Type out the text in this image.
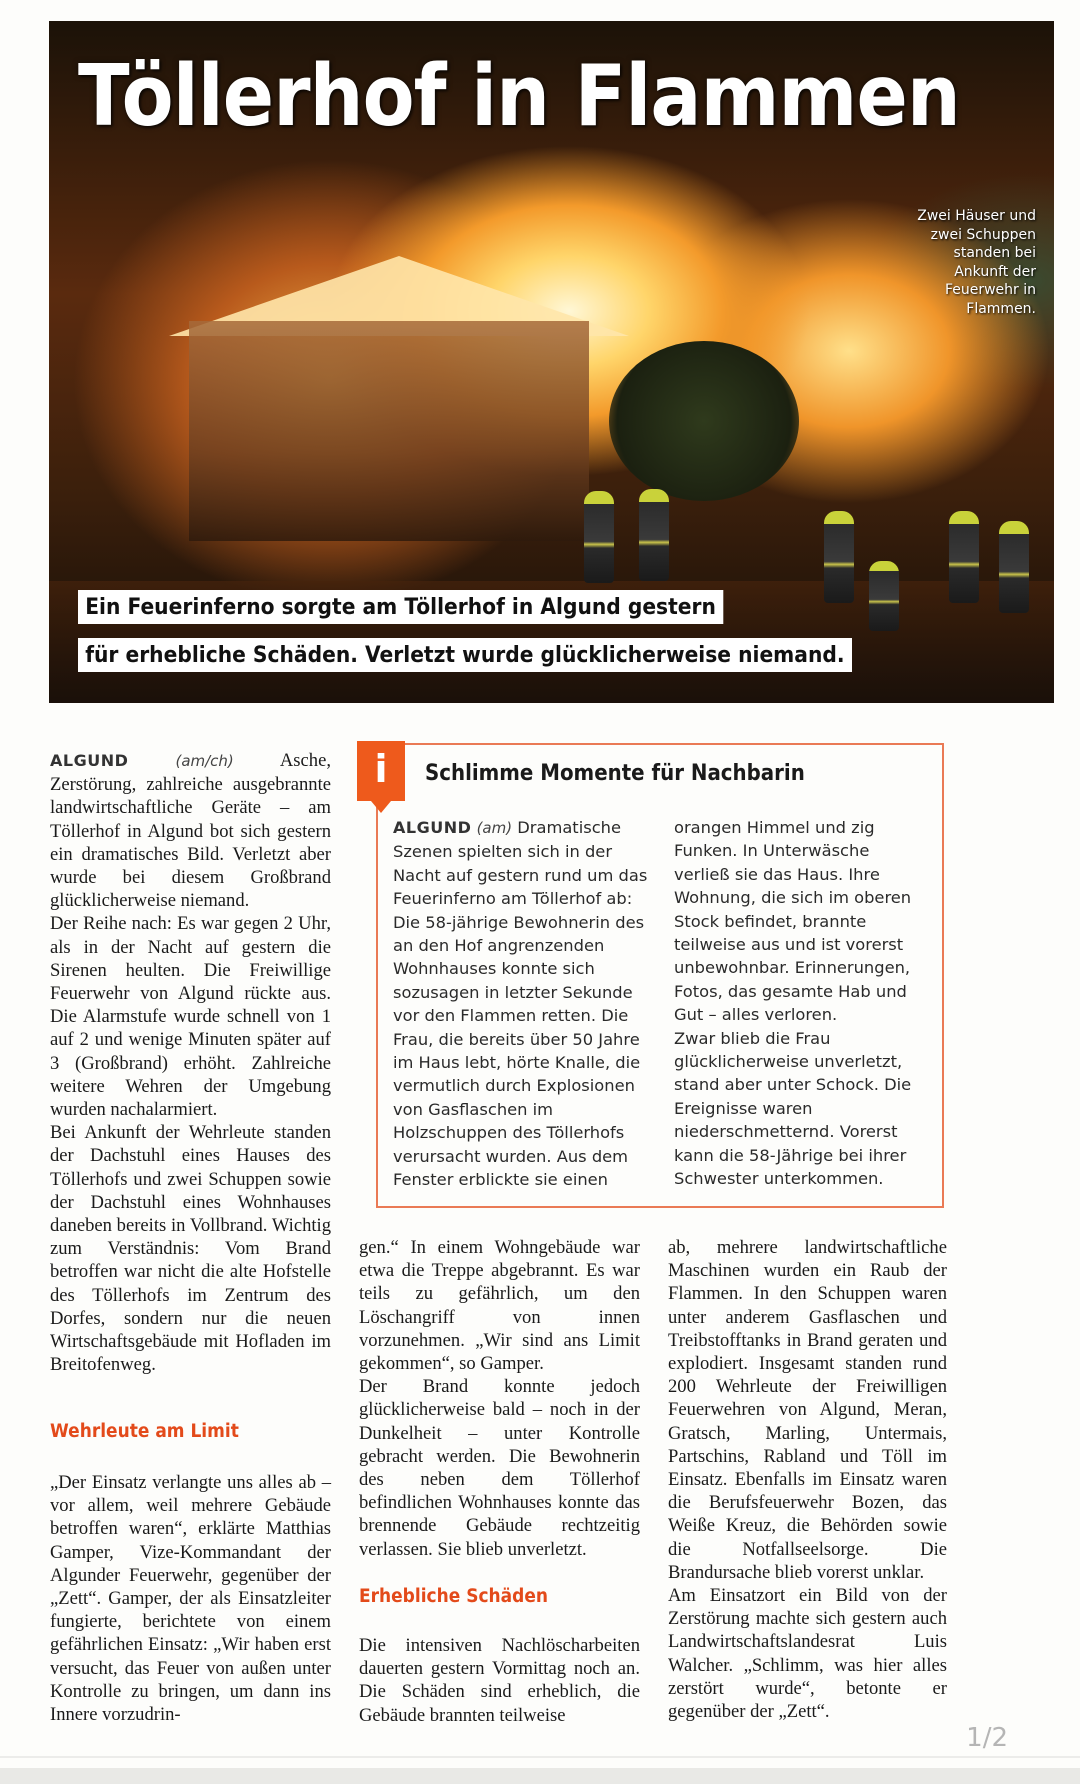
Töllerhof in Flammen
Zwei Häuser und zwei Schuppen standen bei Ankunft der Feuerwehr in Flammen.
Ein Feuerinferno sorgte am Töllerhof in Algund gestern
für erhebliche Schäden. Verletzt wurde glücklicherweise niemand.

ALGUND	(am/ch) Asche, Zerstörung, zahlreiche ausgebrannte landwirtschaftliche Geräte – am Töllerhof in Algund bot sich gestern ein dramatisches Bild. Verletzt aber wurde bei diesem Großbrand glücklicherweise niemand.

Der Reihe nach: Es war gegen 2 Uhr, als in der Nacht auf gestern die Sirenen heulten. Die Freiwillige Feuerwehr von Algund rückte aus. Die Alarmstufe wurde schnell von 1 auf 2 und wenige Minuten später auf 3 (Großbrand) erhöht. Zahlreiche weitere Wehren der Umgebung wurden nachalarmiert.

Bei Ankunft der Wehrleute standen der Dachstuhl eines Hauses des Töllerhofs und zwei Schuppen sowie der Dachstuhl eines Wohnhauses daneben bereits in Vollbrand. Wichtig zum Verständnis: Vom Brand betroffen war nicht die alte Hofstelle des Töllerhofs im Zentrum des Dorfes, sondern nur die neuen Wirtschaftsgebäude mit Hofladen im Breitofenweg.

Wehrleute am Limit

„Der Einsatz verlangte uns alles ab – vor allem, weil mehrere Gebäude betroffen waren“, erklärte Matthias Gamper, Vize-Kommandant der Algunder Feuerwehr, gegenüber der „Zett“. Gamper, der als Einsatzleiter fungierte, berichtete von einem gefährlichen Einsatz: „Wir haben erst versucht, das Feuer von außen unter Kontrolle zu bringen, um dann ins Innere vorzudrin-

i	Schlimme Momente für Nachbarin

ALGUND (am) Dramatische Szenen spielten sich in der Nacht auf gestern rund um das Feuerinferno am Töllerhof ab: Die 58-jährige Bewohnerin des an den Hof angrenzenden Wohnhauses konnte sich sozusagen in letzter Sekunde vor den Flammen retten. Die Frau, die bereits über 50 Jahre im Haus lebt, hörte Knalle, die vermutlich durch Explosionen von Gasflaschen im Holzschuppen des Töllerhofs verursacht wurden. Aus dem Fenster erblickte sie einen

orangen Himmel und zig Funken. In Unterwäsche verließ sie das Haus. Ihre Wohnung, die sich im oberen Stock befindet, brannte teilweise aus und ist vorerst unbewohnbar. Erinnerungen, Fotos, das gesamte Hab und Gut – alles verloren.

Zwar blieb die Frau glücklicherweise unverletzt, stand aber unter Schock. Die Ereignisse waren niederschmetternd. Vorerst kann die 58-Jährige bei ihrer Schwester unterkommen.

gen.“ In einem Wohngebäude war etwa die Treppe abgebrannt. Es war teils zu gefährlich, um den Löschangriff von innen vorzunehmen. „Wir sind ans Limit gekommen“, so Gamper.

Der Brand konnte jedoch glücklicherweise bald – noch in der Dunkelheit – unter Kontrolle gebracht werden. Die Bewohnerin des neben dem Töllerhof befindlichen Wohnhauses konnte das brennende Gebäude rechtzeitig verlassen. Sie blieb unverletzt.

Erhebliche Schäden

Die intensiven Nachlöscharbeiten dauerten gestern Vormittag noch an. Die Schäden sind erheblich, die Gebäude brannten teilweise

ab, mehrere landwirtschaftliche Maschinen wurden ein Raub der Flammen. In den Schuppen waren unter anderem Gasflaschen und Treibstofftanks in Brand geraten und explodiert. Insgesamt standen rund 200 Wehrleute der Freiwilligen Feuerwehren von Algund, Meran, Gratsch, Marling, Untermais, Partschins, Rabland und Töll im Einsatz. Ebenfalls im Einsatz waren die Berufsfeuerwehr Bozen, das Weiße Kreuz, die Behörden sowie die Notfallseelsorge. Die Brandursache blieb vorerst unklar.

Am Einsatzort ein Bild von der Zerstörung machte sich gestern auch Landwirtschaftslandesrat Luis Walcher. „Schlimm, was hier alles zerstört wurde“, betonte er gegenüber der „Zett“.

1/2
